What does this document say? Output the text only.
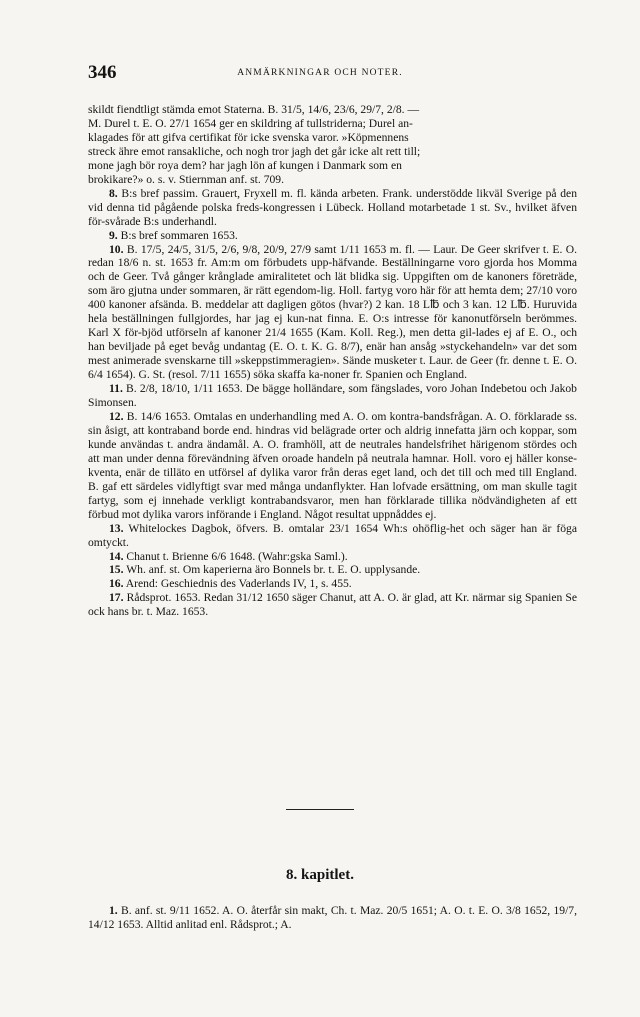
346	ANMÄRKNINGAR OCH NOTER.

skildt fiendtligt stämda emot Staterna. B. 31/5, 14/6, 23/6, 29/7, 2/8. —

M. Durel t. E. O. 27/1 1654 ger en skildring af tullstriderna; Durel an-

klagades för att gifva certifikat för icke svenska varor. »Köpmennens

streck ähre emot ransakliche, och nogh tror jagh det går icke alt rett till;

mone jagh bör roya dem? har jagh lön af kungen i Danmark som en

brokikare?» o. s. v. Stiernman anf. st. 709.

8. B:s bref passim. Grauert, Fryxell m. fl. kända arbeten. Frank. understödde likväl Sverige på den vid denna tid pågående polska freds-kongressen i Lübeck. Holland motarbetade 1 st. Sv., hvilket äfven för-svårade B:s underhandl.

9. B:s bref sommaren 1653.

10. B. 17/5, 24/5, 31/5, 2/6, 9/8, 20/9, 27/9 samt 1/11 1653 m. fl. — Laur. De Geer skrifver t. E. O. redan 18/6 n. st. 1653 fr. Am:m om förbudets upp-häfvande. Beställningarne voro gjorda hos Momma och de Geer. Två gånger krånglade amiralitetet och lät blidka sig. Uppgiften om de kanoners företräde, som äro gjutna under sommaren, är rätt egendom-lig. Holl. fartyg voro här för att hemta dem; 27/10 voro 400 kanoner afsända. B. meddelar att dagligen götos (hvar?) 2 kan. 18 L℔ och 3 kan. 12 L℔. Huruvida hela beställningen fullgjordes, har jag ej kun-nat finna. E. O:s intresse för kanonutförseln berömmes. Karl X för-bjöd utförseln af kanoner 21/4 1655 (Kam. Koll. Reg.), men detta gil-lades ej af E. O., och han beviljade på eget bevåg undantag (E. O. t. K. G. 8/7), enär han ansåg »styckehandeln» var det som mest animerade svenskarne till »skeppstimmeragien». Sände musketer t. Laur. de Geer (fr. denne t. E. O. 6/4 1654). G. St. (resol. 7/11 1655) söka skaffa ka-noner fr. Spanien och England.

11. B. 2/8, 18/10, 1/11 1653. De bägge holländare, som fängslades, voro Johan Indebetou och Jakob Simonsen.

12. B. 14/6 1653. Omtalas en underhandling med A. O. om kontra-bandsfrågan. A. O. förklarade ss. sin åsigt, att kontraband borde end. hindras vid belägrade orter och aldrig innefatta järn och koppar, som kunde användas t. andra ändamål. A. O. framhöll, att de neutrales handelsfrihet härigenom stördes och att man under denna förevändning äfven oroade handeln på neutrala hamnar. Holl. voro ej häller konse-kventa, enär de tilläto en utförsel af dylika varor från deras eget land, och det till och med till England. B. gaf ett särdeles vidlyftigt svar med många undanflykter. Han lofvade ersättning, om man skulle tagit fartyg, som ej innehade verkligt kontrabandsvaror, men han förklarade tillika nödvändigheten af ett förbud mot dylika varors införande i England. Något resultat uppnåddes ej.

13. Whitelockes Dagbok, öfvers. B. omtalar 23/1 1654 Wh:s ohöflig-het och säger han är föga omtyckt.

14. Chanut t. Brienne 6/6 1648. (Wahr:gska Saml.).

15. Wh. anf. st. Om kaperierna äro Bonnels br. t. E. O. upplysande.

16. Arend: Geschiednis des Vaderlands IV, 1, s. 455.

17. Rådsprot. 1653. Redan 31/12 1650 säger Chanut, att A. O. är glad, att Kr. närmar sig Spanien Se ock hans br. t. Maz. 1653.

8. kapitlet.

1. B. anf. st. 9/11 1652. A. O. återfår sin makt, Ch. t. Maz. 20/5 1651; A. O. t. E. O. 3/8 1652, 19/7, 14/12 1653. Alltid anlitad enl. Rådsprot.; A.
